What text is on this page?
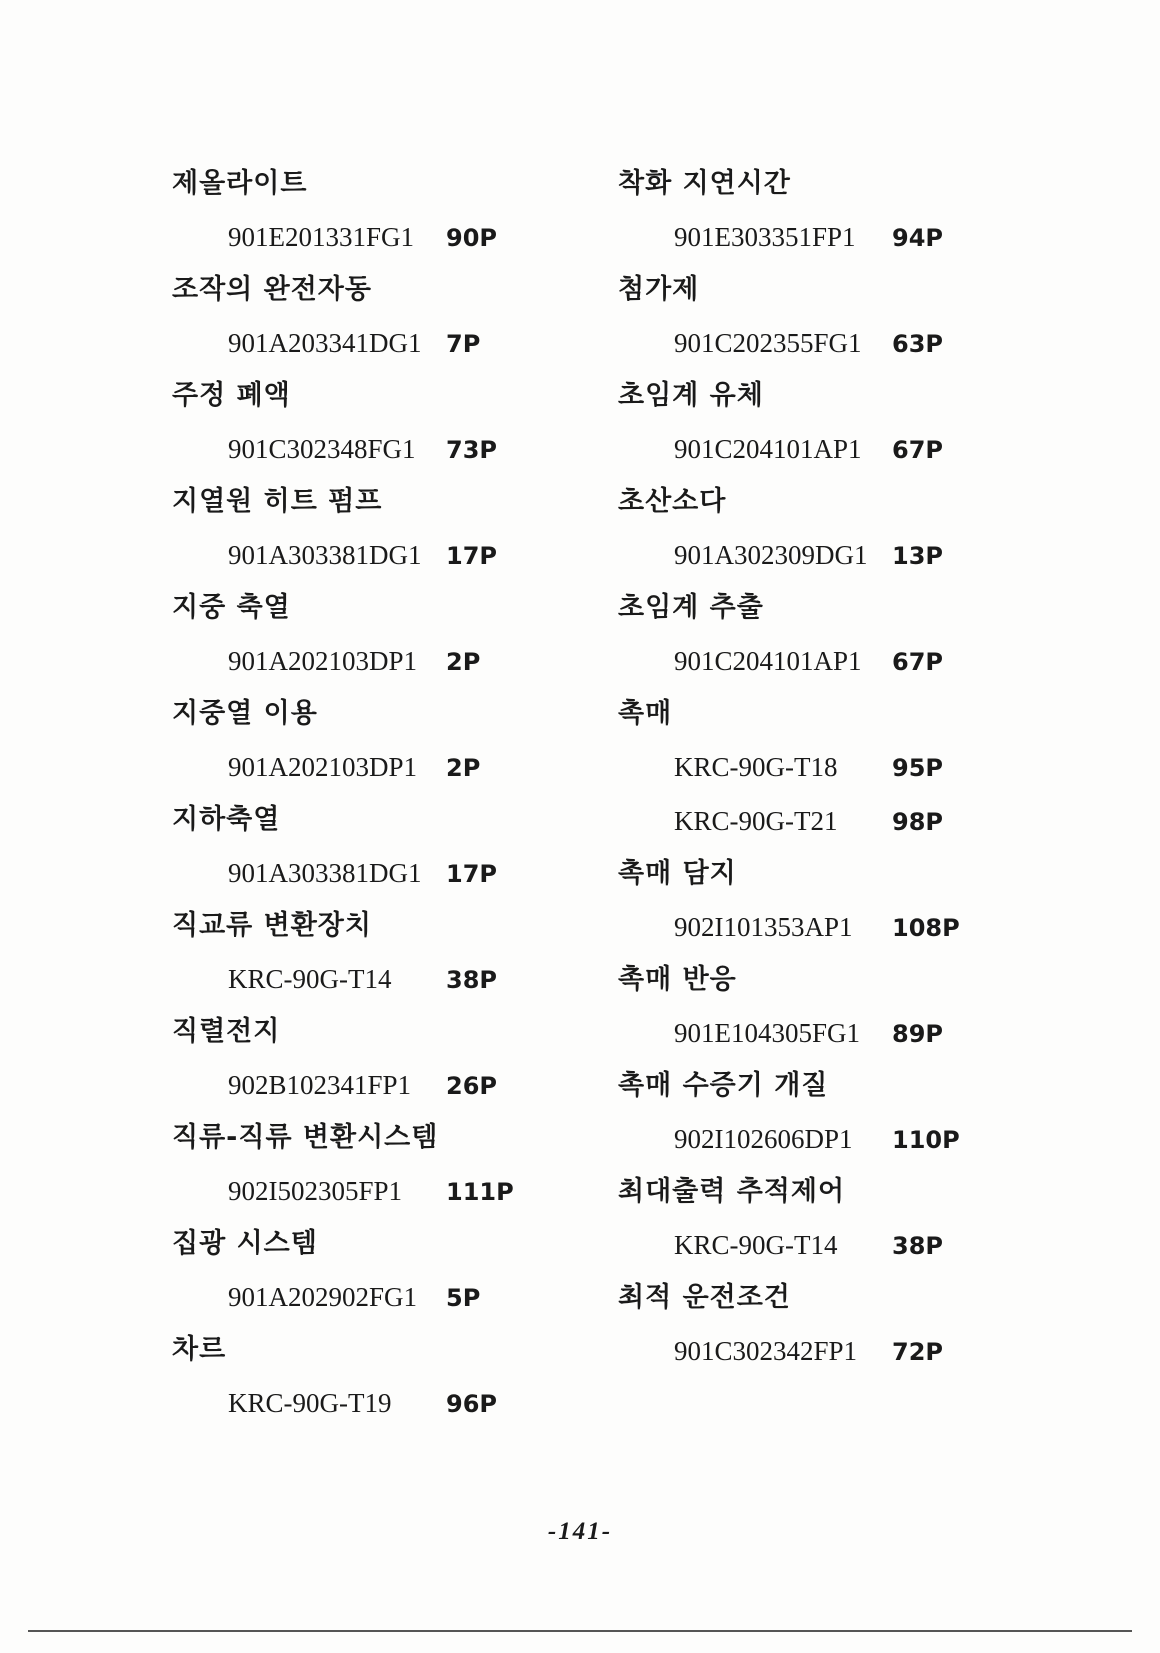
제올라이트
901E201331FG1 90P
조작의 완전자동
901A203341DG1 7P
주정 폐액
901C302348FG1 73P
지열원 히트 펌프
901A303381DG1 17P
지중 축열
901A202103DP1 2P
지중열 이용
901A202103DP1 2P
지하축열
901A303381DG1 17P
직교류 변환장치
KRC-90G-T14 38P
직렬전지
902B102341FP1 26P
직류-직류 변환시스템
902I502305FP1 111P
집광 시스템
901A202902FG1 5P
차르
KRC-90G-T19 96P
착화 지연시간
901E303351FP1 94P
첨가제
901C202355FG1 63P
초임계 유체
901C204101AP1 67P
초산소다
901A302309DG1 13P
초임계 추출
901C204101AP1 67P
촉매
KRC-90G-T18 95P
KRC-90G-T21 98P
촉매 담지
902I101353AP1 108P
촉매 반응
901E104305FG1 89P
촉매 수증기 개질
902I102606DP1 110P
최대출력 추적제어
KRC-90G-T14 38P
최적 운전조건
901C302342FP1 72P
-141-
